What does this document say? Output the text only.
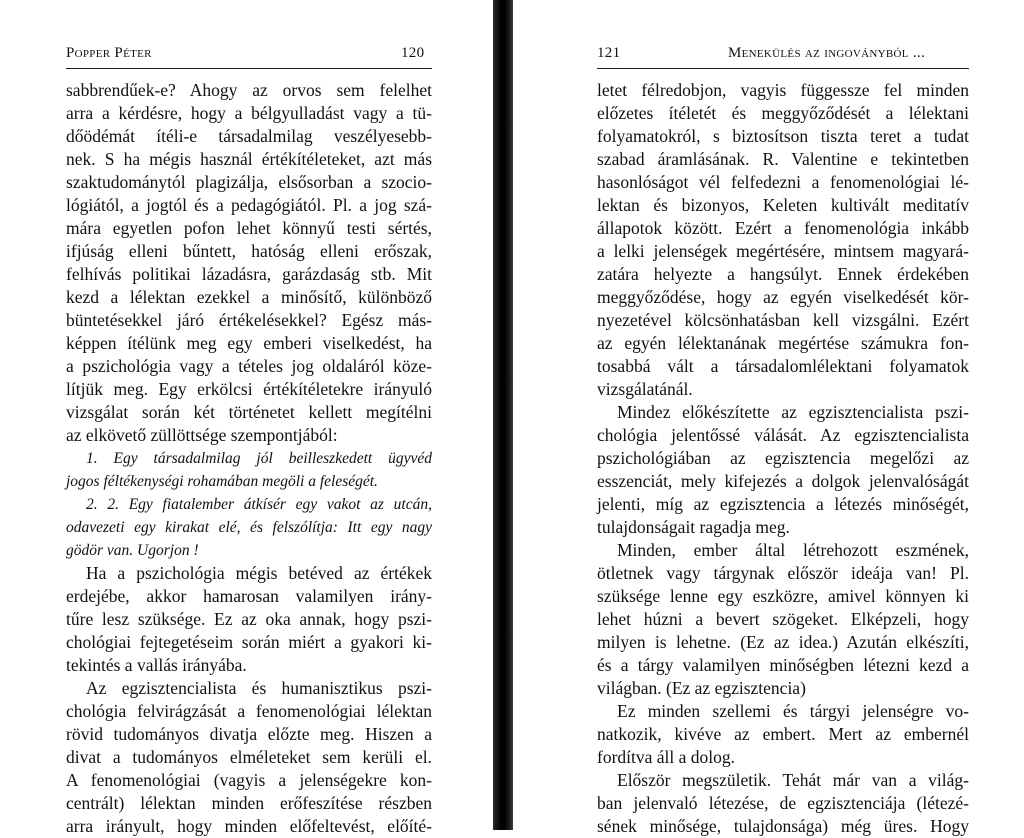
Popper Péter	120
sabbrendűek-e? Ahogy az orvos sem felelhet
arra a kérdésre, hogy a bélgyulladást vagy a tü-
dőödémát ítéli-e társadalmilag veszélyesebb-
nek. S ha mégis használ értékítéleteket, azt más
szaktudománytól plagizálja, elsősorban a szocio-
lógiától, a jogtól és a pedagógiától. Pl. a jog szá-
mára egyetlen pofon lehet könnyű testi sértés,
ifjúság elleni bűntett, hatóság elleni erőszak,
felhívás politikai lázadásra, garázdaság stb. Mit
kezd a lélektan ezekkel a minősítő, különböző
büntetésekkel járó értékelésekkel? Egész más-
képpen ítélünk meg egy emberi viselkedést, ha
a pszichológia vagy a tételes jog oldaláról köze-
lítjük meg. Egy erkölcsi értékítéletekre irányuló
vizsgálat során két történetet kellett megítélni
az elkövető züllöttsége szempontjából:
1. Egy társadalmilag jól beilleszkedett ügyvéd
jogos féltékenységi rohamában megöli a feleségét.
2. 2. Egy fiatalember átkísér egy vakot az utcán,
odavezeti egy kirakat elé, és felszólítja: Itt egy nagy
gödör van. Ugorjon !
Ha a pszichológia mégis betéved az értékek
erdejébe, akkor hamarosan valamilyen irány-
tűre lesz szüksége. Ez az oka annak, hogy pszi-
chológiai fejtegetéseim során miért a gyakori ki-
tekintés a vallás irányába.
Az egzisztencialista és humanisztikus pszi-
chológia felvirágzását a fenomenológiai lélektan
rövid tudományos divatja előzte meg. Hiszen a
divat a tudományos elméleteket sem kerüli el.
A fenomenológiai (vagyis a jelenségekre kon-
centrált) lélektan minden erőfeszítése részben
arra irányult, hogy minden előfeltevést, előíté-
121	Menekülés az ingoványból ...
letet félredobjon, vagyis függessze fel minden
előzetes ítéletét és meggyőződését a lélektani
folyamatokról, s biztosítson tiszta teret a tudat
szabad áramlásának. R. Valentine e tekintetben
hasonlóságot vél felfedezni a fenomenológiai lé-
lektan és bizonyos, Keleten kultivált meditatív
állapotok között. Ezért a fenomenológia inkább
a lelki jelenségek megértésére, mintsem magyará-
zatára helyezte a hangsúlyt. Ennek érdekében
meggyőződése, hogy az egyén viselkedését kör-
nyezetével kölcsönhatásban kell vizsgálni. Ezért
az egyén lélektanának megértése számukra fon-
tosabbá vált a társadalomlélektani folyamatok
vizsgálatánál.
Mindez előkészítette az egzisztencialista pszi-
chológia jelentőssé válását. Az egzisztencialista
pszichológiában az egzisztencia megelőzi az
esszenciát, mely kifejezés a dolgok jelenvalóságát
jelenti, míg az egzisztencia a létezés minőségét,
tulajdonságait ragadja meg.
Minden, ember által létrehozott eszmének,
ötletnek vagy tárgynak először ideája van! Pl.
szüksége lenne egy eszközre, amivel könnyen ki
lehet húzni a bevert szögeket. Elképzeli, hogy
milyen is lehetne. (Ez az idea.) Azután elkészíti,
és a tárgy valamilyen minőségben létezni kezd a
világban. (Ez az egzisztencia)
Ez minden szellemi és tárgyi jelenségre vo-
natkozik, kivéve az embert. Mert az embernél
fordítva áll a dolog.
Először megszületik. Tehát már van a világ-
ban jelenvaló létezése, de egzisztenciája (létezé-
sének minősége, tulajdonsága) még üres. Hogy
